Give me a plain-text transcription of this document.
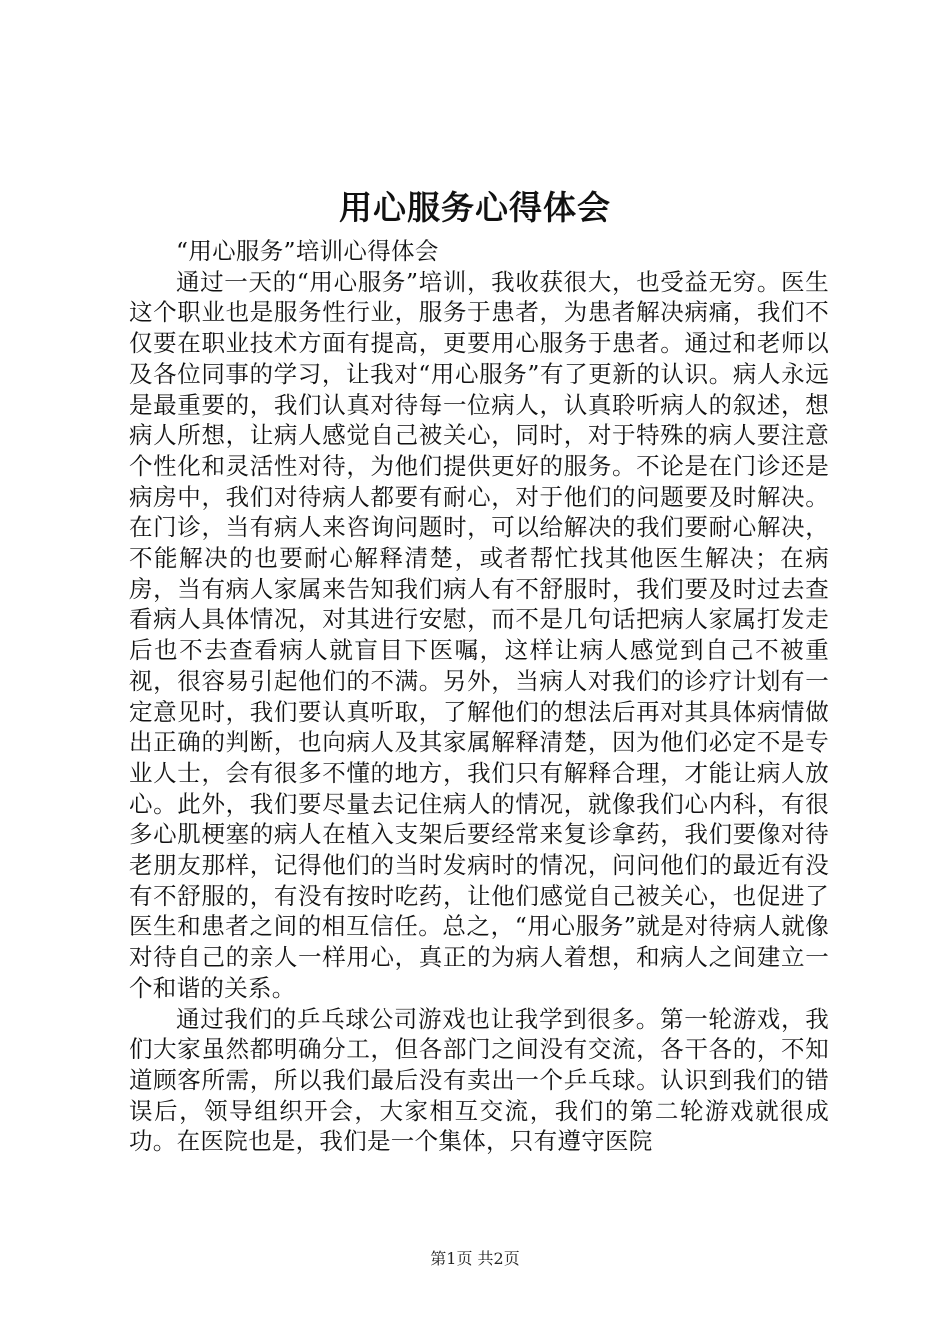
用心服务心得体会

“用心服务”培训心得体会

通过一天的“用心服务”培训，我收获很大，也受益无穷。医生这个职业也是服务性行业，服务于患者，为患者解决病痛，我们不仅要在职业技术方面有提高，更要用心服务于患者。通过和老师以及各位同事的学习，让我对“用心服务”有了更新的认识。病人永远是最重要的，我们认真对待每一位病人，认真聆听病人的叙述，想病人所想，让病人感觉自己被关心，同时，对于特殊的病人要注意个性化和灵活性对待，为他们提供更好的服务。不论是在门诊还是病房中，我们对待病人都要有耐心，对于他们的问题要及时解决。在门诊，当有病人来咨询问题时，可以给解决的我们要耐心解决，不能解决的也要耐心解释清楚，或者帮忙找其他医生解决；在病房，当有病人家属来告知我们病人有不舒服时，我们要及时过去查看病人具体情况，对其进行安慰，而不是几句话把病人家属打发走后也不去查看病人就盲目下医嘱，这样让病人感觉到自己不被重视，很容易引起他们的不满。另外，当病人对我们的诊疗计划有一定意见时，我们要认真听取，了解他们的想法后再对其具体病情做出正确的判断，也向病人及其家属解释清楚，因为他们必定不是专业人士，会有很多不懂的地方，我们只有解释合理，才能让病人放心。此外，我们要尽量去记住病人的情况，就像我们心内科，有很多心肌梗塞的病人在植入支架后要经常来复诊拿药，我们要像对待老朋友那样，记得他们的当时发病时的情况，问问他们的最近有没有不舒服的，有没有按时吃药，让他们感觉自己被关心，也促进了医生和患者之间的相互信任。总之，“用心服务”就是对待病人就像对待自己的亲人一样用心，真正的为病人着想，和病人之间建立一个和谐的关系。

通过我们的乒乓球公司游戏也让我学到很多。第一轮游戏，我们大家虽然都明确分工，但各部门之间没有交流，各干各的，不知道顾客所需，所以我们最后没有卖出一个乒乓球。认识到我们的错误后，领导组织开会，大家相互交流，我们的第二轮游戏就很成功。在医院也是，我们是一个集体，只有遵守医院

第1页 共2页
